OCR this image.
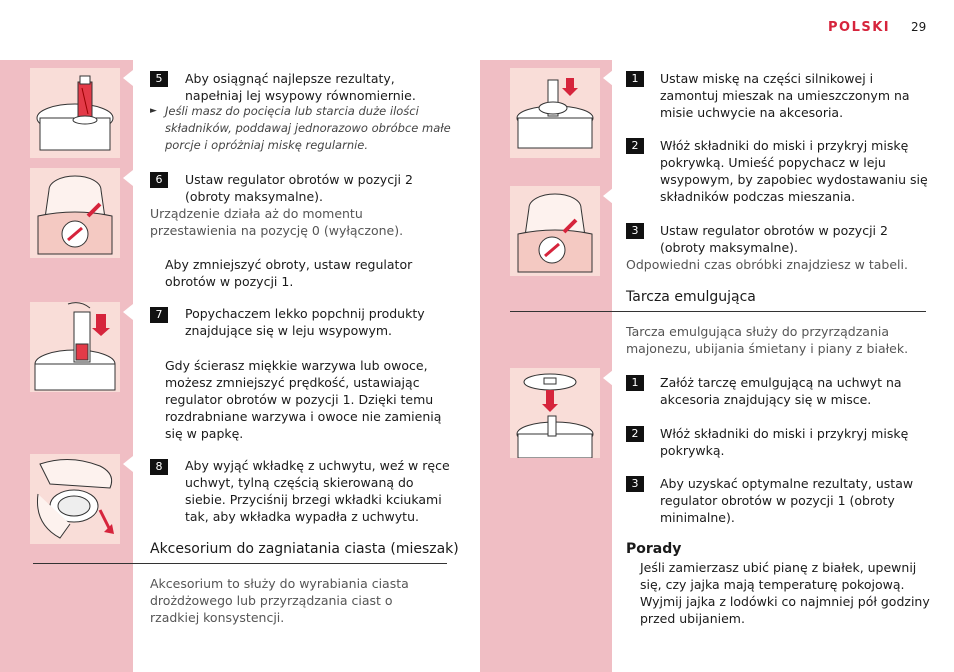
POLSKI 29
5	Aby osiągnąć najlepsze rezultaty, napełniaj lej wsypowy równomiernie.
► Jeśli masz do pocięcia lub starcia duże ilości składników, poddawaj jednorazowo obróbce małe porcje i opróżniaj miskę regularnie.
6	Ustaw regulator obrotów w pozycji 2 (obroty maksymalne).
Urządzenie działa aż do momentu przestawienia na pozycję 0 (wyłączone).
Aby zmniejszyć obroty, ustaw regulator obrotów w pozycji 1.
7	Popychaczem lekko popchnij produkty znajdujące się w leju wsypowym.
Gdy ścierasz miękkie warzywa lub owoce, możesz zmniejszyć prędkość, ustawiając regulator obrotów w pozycji 1. Dzięki temu rozdrabniane warzywa i owoce nie zamienią się w papkę.
8	Aby wyjąć wkładkę z uchwytu, weź w ręce uchwyt, tylną częścią skierowaną do siebie. Przyciśnij brzegi wkładki kciukami tak, aby wkładka wypadła z uchwytu.
Akcesorium do zagniatania ciasta (mieszak)
Akcesorium to służy do wyrabiania ciasta drożdżowego lub przyrządzania ciast o rzadkiej konsystencji.
1	Ustaw miskę na części silnikowej i zamontuj mieszak na umieszczonym na misie uchwycie na akcesoria.
2	Włóż składniki do miski i przykryj miskę pokrywką. Umieść popychacz w leju wsypowym, by zapobiec wydostawaniu się składników podczas mieszania.
3	Ustaw regulator obrotów w pozycji 2 (obroty maksymalne).
Odpowiedni czas obróbki znajdziesz w tabeli.
Tarcza emulgująca
Tarcza emulgująca służy do przyrządzania majonezu, ubijania śmietany i piany z białek.
1	Załóż tarczę emulgującą na uchwyt na akcesoria znajdujący się w misce.
2	Włóż składniki do miski i przykryj miskę pokrywką.
3	Aby uzyskać optymalne rezultaty, ustaw regulator obrotów w pozycji 1 (obroty minimalne).
Porady
Jeśli zamierzasz ubić pianę z białek, upewnij się, czy jajka mają temperaturę pokojową. Wyjmij jajka z lodówki co najmniej pół godziny przed ubijaniem.
